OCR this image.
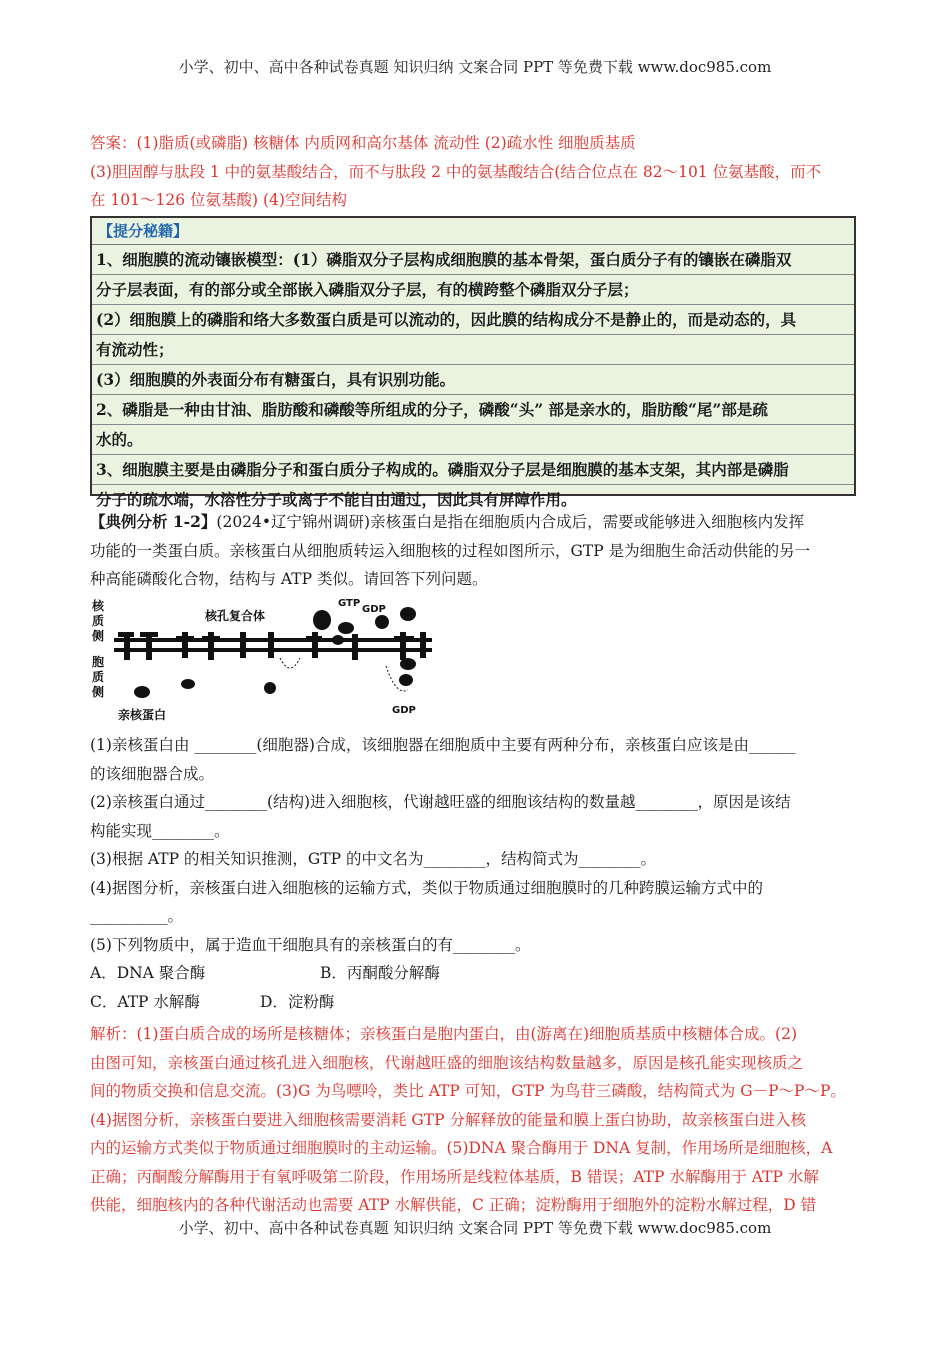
小学、初中、高中各种试卷真题 知识归纳 文案合同 PPT 等免费下载 www.doc985.com
答案：(1)脂质(或磷脂) 核糖体 内质网和高尔基体 流动性 (2)疏水性 细胞质基质
(3)胆固醇与肽段 1 中的氨基酸结合，而不与肽段 2 中的氨基酸结合(结合位点在 82～101 位氨基酸，而不
在 101～126 位氨基酸) (4)空间结构
【提分秘籍】
1、细胞膜的流动镶嵌模型：(1）磷脂双分子层构成细胞膜的基本骨架，蛋白质分子有的镶嵌在磷脂双
分子层表面，有的部分或全部嵌入磷脂双分子层，有的横跨整个磷脂双分子层；
(2）细胞膜上的磷脂和络大多数蛋白质是可以流动的，因此膜的结构成分不是静止的，而是动态的，具
有流动性；
(3）细胞膜的外表面分布有糖蛋白，具有识别功能。
2、磷脂是一种由甘油、脂肪酸和磷酸等所组成的分子，磷酸“头” 部是亲水的，脂肪酸“尾”部是疏
水的。
3、细胞膜主要是由磷脂分子和蛋白质分子构成的。磷脂双分子层是细胞膜的基本支架，其内部是磷脂
分子的疏水端，水溶性分子或离子不能自由通过，因此具有屏障作用。
【典例分析 1-2】(2024•辽宁锦州调研)亲核蛋白是指在细胞质内合成后，需要或能够进入细胞核内发挥
功能的一类蛋白质。亲核蛋白从细胞质转运入细胞核的过程如图所示，GTP 是为细胞生命活动供能的另一
种高能磷酸化合物，结构与 ATP 类似。请回答下列问题。
核
质
侧
胞
质
侧
核孔复合体
亲核蛋白
GTP
GDP
GDP
(1)亲核蛋白由 ________(细胞器)合成，该细胞器在细胞质中主要有两种分布，亲核蛋白应该是由______
的该细胞器合成。
(2)亲核蛋白通过________(结构)进入细胞核，代谢越旺盛的细胞该结构的数量越________，原因是该结
构能实现________。
(3)根据 ATP 的相关知识推测，GTP 的中文名为________，结构简式为________。
(4)据图分析，亲核蛋白进入细胞核的运输方式，类似于物质通过细胞膜时的几种跨膜运输方式中的
__________。
(5)下列物质中，属于造血干细胞具有的亲核蛋白的有________。
A．DNA 聚合酶	B．丙酮酸分解酶
C．ATP 水解酶	D．淀粉酶
解析：(1)蛋白质合成的场所是核糖体；亲核蛋白是胞内蛋白，由(游离在)细胞质基质中核糖体合成。(2)
由图可知，亲核蛋白通过核孔进入细胞核，代谢越旺盛的细胞该结构数量越多，原因是核孔能实现核质之
间的物质交换和信息交流。(3)G 为鸟嘌呤，类比 ATP 可知，GTP 为鸟苷三磷酸，结构简式为 G－P～P～P。
(4)据图分析，亲核蛋白要进入细胞核需要消耗 GTP 分解释放的能量和膜上蛋白协助，故亲核蛋白进入核
内的运输方式类似于物质通过细胞膜时的主动运输。(5)DNA 聚合酶用于 DNA 复制，作用场所是细胞核，A
正确；丙酮酸分解酶用于有氧呼吸第二阶段，作用场所是线粒体基质，B 错误；ATP 水解酶用于 ATP 水解
供能，细胞核内的各种代谢活动也需要 ATP 水解供能，C 正确；淀粉酶用于细胞外的淀粉水解过程，D 错
小学、初中、高中各种试卷真题 知识归纳 文案合同 PPT 等免费下载 www.doc985.com
